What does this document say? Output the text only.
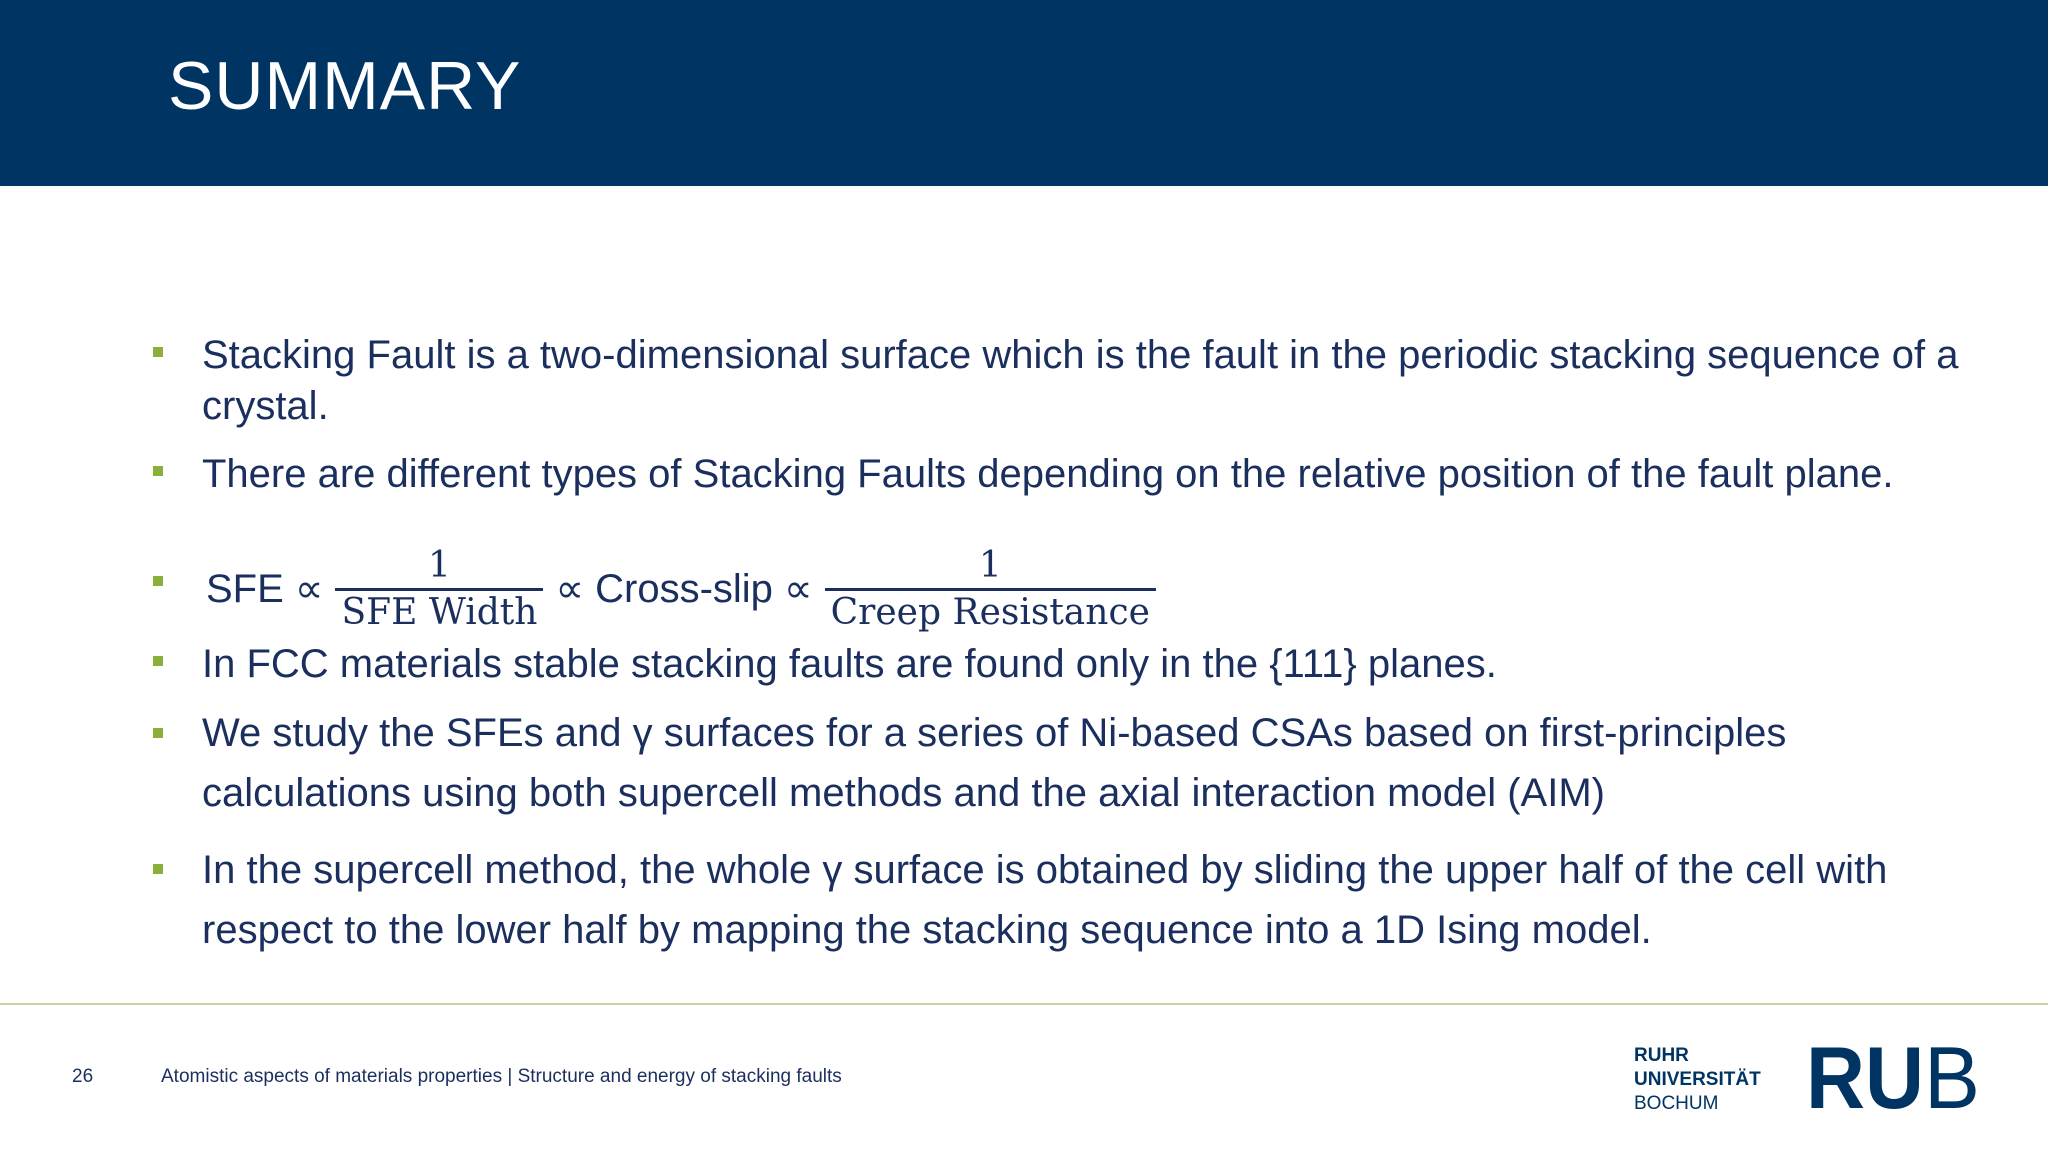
SUMMARY
Stacking Fault is a two-dimensional surface which is the fault in the periodic stacking sequence of a crystal.
There are different types of Stacking Faults depending on the relative position of the fault plane.
SFE ∝ $\frac{1}{\text{SFE Width}}$ ∝ Cross-slip ∝ $\frac{1}{\text{Creep Resistance}}$
In FCC materials stable stacking faults are found only in the {111} planes.
We study the SFEs and γ surfaces for a series of Ni-based CSAs based on first-principles calculations using both supercell methods and the axial interaction model (AIM)
In the supercell method, the whole γ surface is obtained by sliding the upper half of the cell with respect to the lower half by mapping the stacking sequence into a 1D Ising model.
26	Atomistic aspects of materials properties | Structure and energy of stacking faults
RUHR
UNIVERSITÄT
BOCHUM RU B
